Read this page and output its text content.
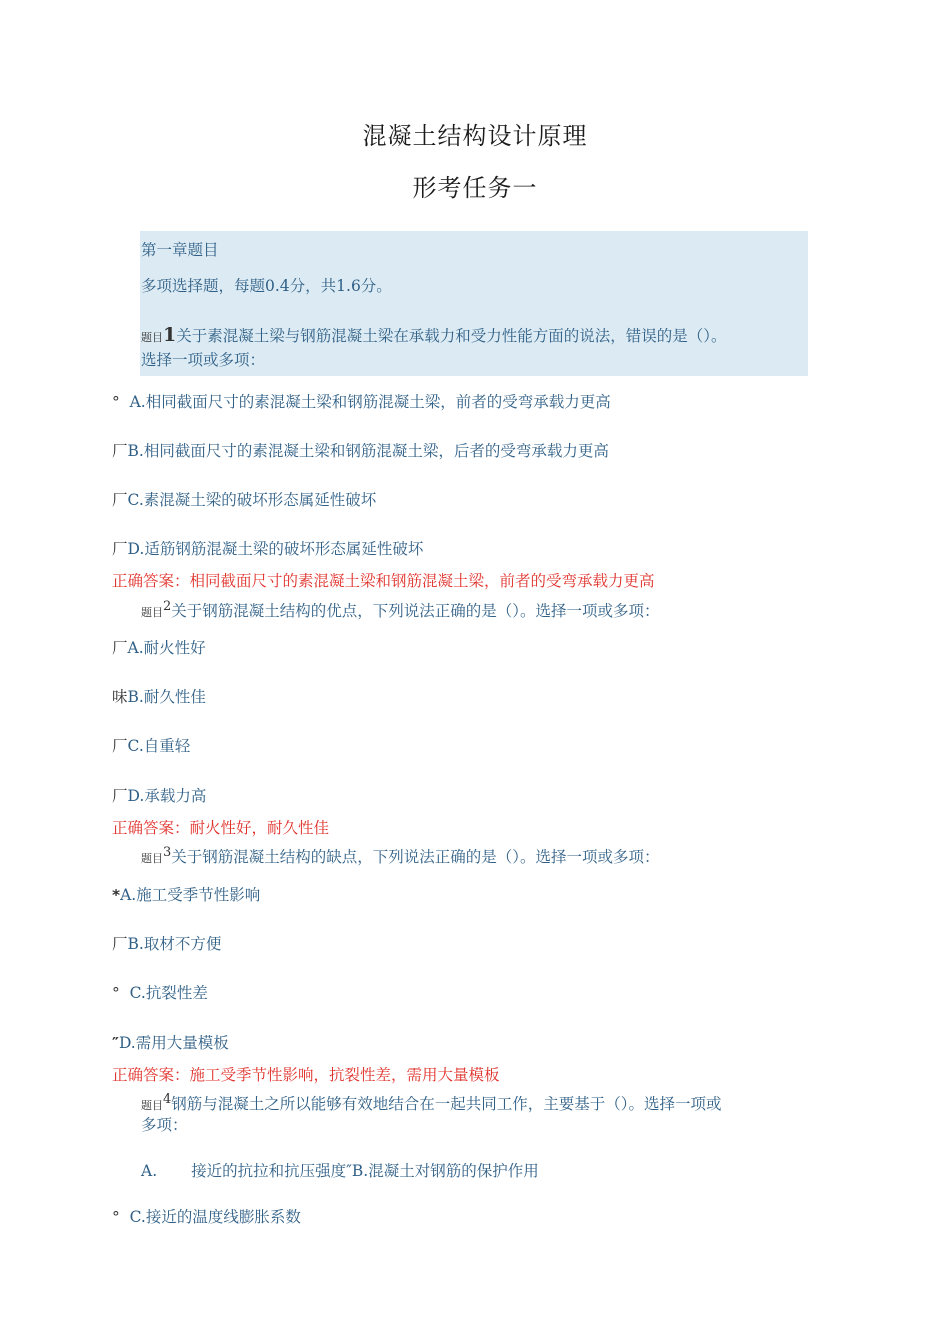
混凝土结构设计原理
形考任务一
第一章题目
多项选择题，每题0.4分，共1.6分。
题目1关于素混凝土梁与钢筋混凝土梁在承载力和受力性能方面的说法，错误的是（）。
选择一项或多项：
° A.相同截面尺寸的素混凝土梁和钢筋混凝土梁，前者的受弯承载力更高
厂B.相同截面尺寸的素混凝土梁和钢筋混凝土梁，后者的受弯承载力更高
厂C.素混凝土梁的破坏形态属延性破坏
厂D.适筋钢筋混凝土梁的破坏形态属延性破坏
正确答案：相同截面尺寸的素混凝土梁和钢筋混凝土梁，前者的受弯承载力更高
题目$^2$关于钢筋混凝土结构的优点，下列说法正确的是（）。选择一项或多项：
厂A.耐火性好
味B.耐久性佳
厂C.自重轻
厂D.承载力高
正确答案：耐火性好，耐久性佳
题目$^3$关于钢筋混凝土结构的缺点，下列说法正确的是（）。选择一项或多项：
*A.施工受季节性影响
厂B.取材不方便
° C.抗裂性差
″D.需用大量模板
正确答案：施工受季节性影响，抗裂性差，需用大量模板
题目$^4$钢筋与混凝土之所以能够有效地结合在一起共同工作，主要基于（）。选择一项或
多项：
A. 接近的抗拉和抗压强度″B.混凝土对钢筋的保护作用
° C.接近的温度线膨胀系数
